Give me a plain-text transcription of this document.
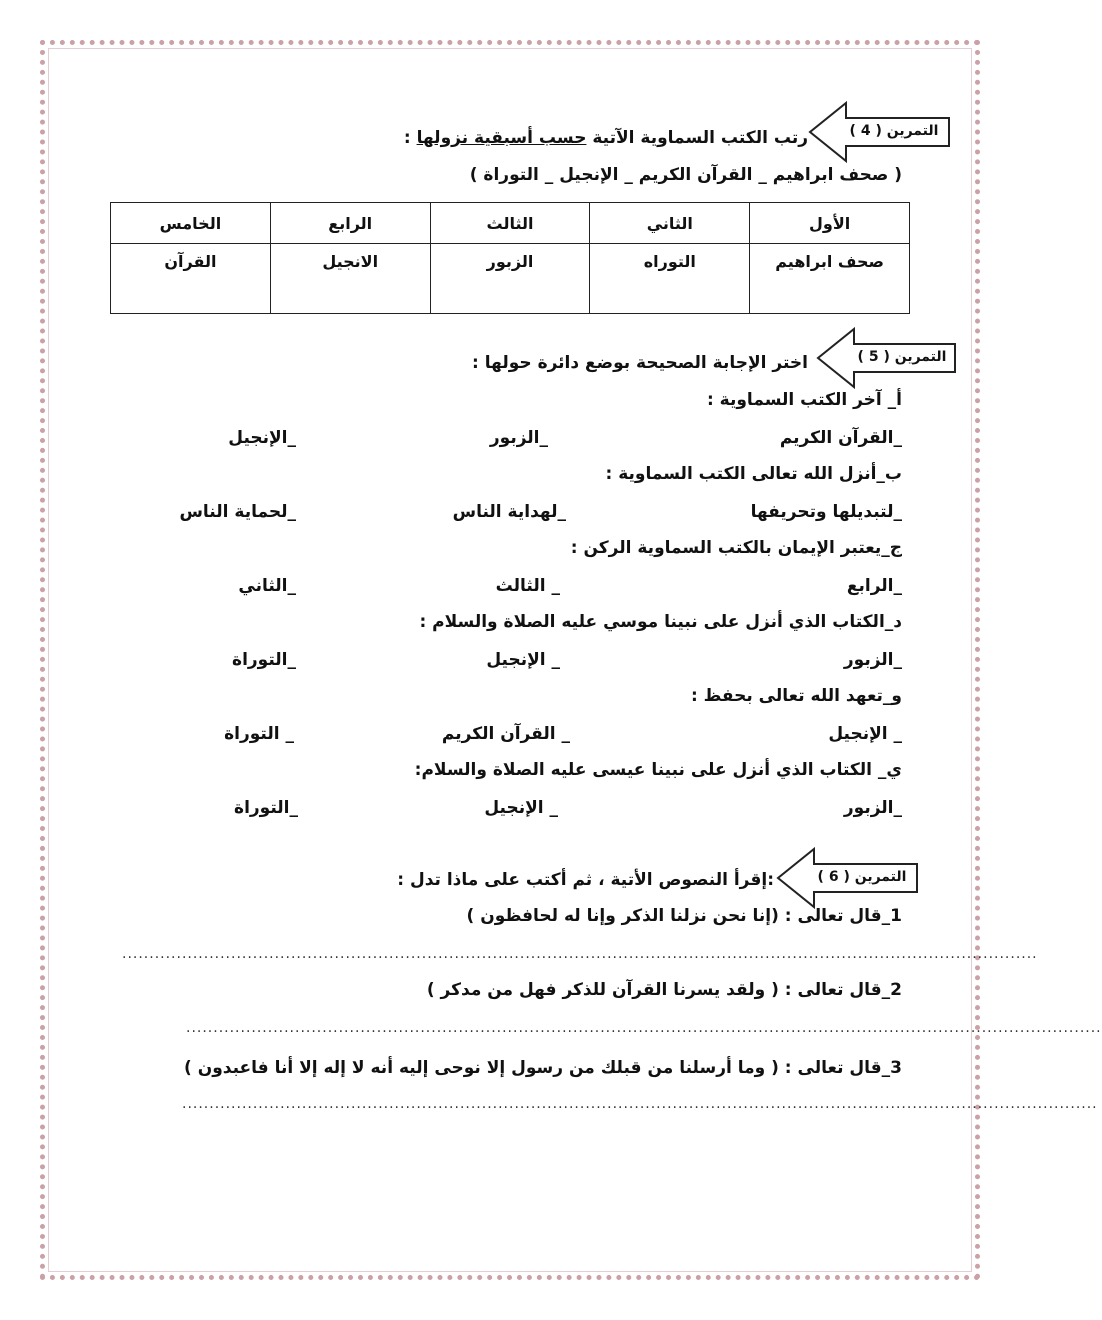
التمرين ( 4 )
رتب الكتب السماوية الآتية حسب أسبقية نزولها :
( صحف ابراهيم _ القرآن الكريم _ الإنجيل _ التوراة )
الأول	الثاني	الثالث	الرابع	الخامس
صحف ابراهيم	التوراه	الزبور	الانجيل	القرآن
التمرين ( 5 )
اختر الإجابة الصحيحة بوضع دائرة حولها :
أ_ آخر الكتب السماوية :
_القرآن الكريم
_الزبور
_الإنجيل
ب_أنزل الله تعالى الكتب السماوية :
_لتبديلها وتحريفها
_لهداية الناس
_لحماية الناس
ج_يعتبر الإيمان بالكتب السماوية الركن :
_الرابع
_ الثالث
_الثاني
د_الكتاب الذي أنزل على نبينا موسي عليه الصلاة والسلام :
_الزبور
_ الإنجيل
_التوراة
و_تعهد الله تعالى بحفظ :
_ الإنجيل
_ القرآن الكريم
_ التوراة
ي_ الكتاب الذي أنزل على نبينا عيسى عليه الصلاة والسلام:
_الزبور
_ الإنجيل
_التوراة
التمرين ( 6 )
:إقرأ النصوص الأتية ، ثم أكتب على ماذا تدل :
1_قال تعالى : (إنا نحن نزلنا الذكر وإنا له لحافظون )
........................................................................................................................................................................
2_قال تعالى : ( ولقد يسرنا القرآن للذكر فهل من مدكر )
........................................................................................................................................................................
3_قال تعالى : ( وما أرسلنا من قبلك من رسول إلا نوحى إليه أنه لا إله إلا أنا فاعبدون )
........................................................................................................................................................................
